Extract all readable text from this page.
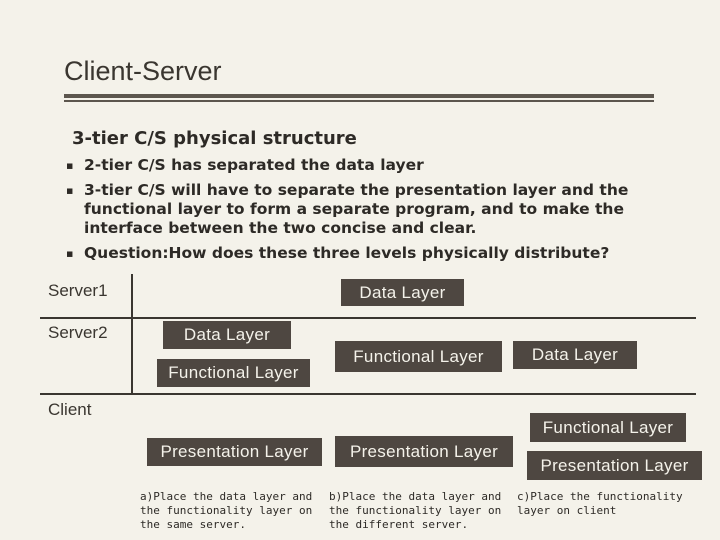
Client-Server
3-tier C/S physical structure
▪ 2-tier C/S has separated the data layer
▪ 3-tier C/S will have to separate the presentation layer and the functional layer to form a separate program, and to make the interface between the two concise and clear.
▪ Question:How does these three levels physically distribute?
Server1
Server2
Client
Data Layer
Data Layer
Functional Layer
Presentation Layer
Functional Layer
Presentation Layer
Data Layer
Functional Layer
Presentation Layer
a)Place the data layer and the functionality layer on the same server.
b)Place the data layer and the functionality layer on the different server.
c)Place the functionality layer on client
